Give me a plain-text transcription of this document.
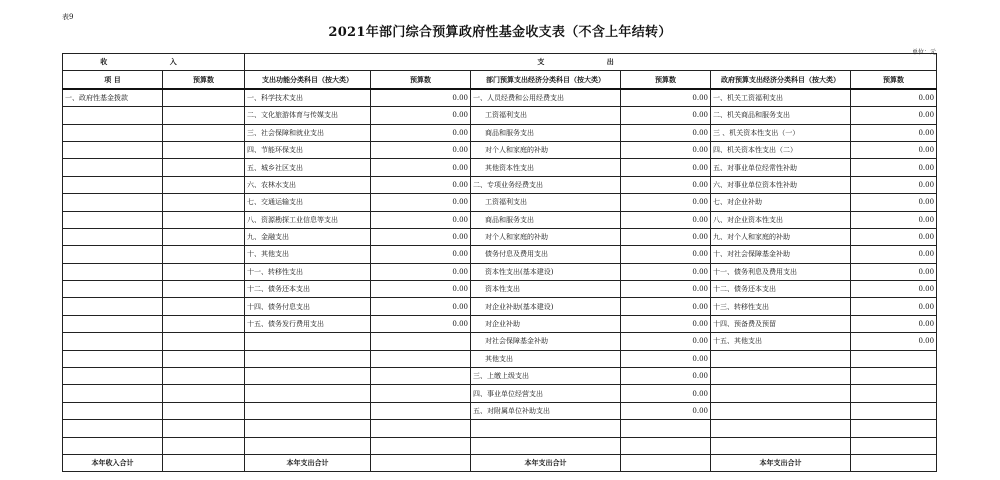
表9
2021年部门综合预算政府性基金收支表（不含上年结转）
单位：元
收 入		支 出					
项 目	预算数	支出功能分类科目（按大类）	预算数	部门预算支出经济分类科目（按大类）	预算数	政府预算支出经济分类科目（按大类）	预算数
一、政府性基金拨款		一、科学技术支出	0.00	一、人员经费和公用经费支出	0.00	一、机关工资福利支出	0.00
		二、文化旅游体育与传媒支出	0.00	工资福利支出	0.00	二、机关商品和服务支出	0.00
		三、社会保障和就业支出	0.00	商品和服务支出	0.00	三 、机关资本性支出（一）	0.00
		四、节能环保支出	0.00	对个人和家庭的补助	0.00	四、机关资本性支出（二）	0.00
		五、城乡社区支出	0.00	其他资本性支出	0.00	五、对事业单位经常性补助	0.00
		六、农林水支出	0.00	二、专项业务经费支出	0.00	六、对事业单位资本性补助	0.00
		七、交通运输支出	0.00	工资福利支出	0.00	七、对企业补助	0.00
		八、资源勘探工业信息等支出	0.00	商品和服务支出	0.00	八、对企业资本性支出	0.00
		九、金融支出	0.00	对个人和家庭的补助	0.00	九、对个人和家庭的补助	0.00
		十、其他支出	0.00	债务付息及费用支出	0.00	十、对社会保障基金补助	0.00
		十一、转移性支出	0.00	资本性支出(基本建设)	0.00	十一、债务利息及费用支出	0.00
		十二、债务还本支出	0.00	资本性支出	0.00	十二、债务还本支出	0.00
		十四、债务付息支出	0.00	对企业补助(基本建设)	0.00	十三、转移性支出	0.00
		十五、债务发行费用支出	0.00	对企业补助	0.00	十四、预备费及预留	0.00
				对社会保障基金补助	0.00	十五、其他支出	0.00
				其他支出	0.00		
				三、上缴上级支出	0.00		
				四、事业单位经营支出	0.00		
				五、对附属单位补助支出	0.00		

本年收入合计		本年支出合计		本年支出合计		本年支出合计	
